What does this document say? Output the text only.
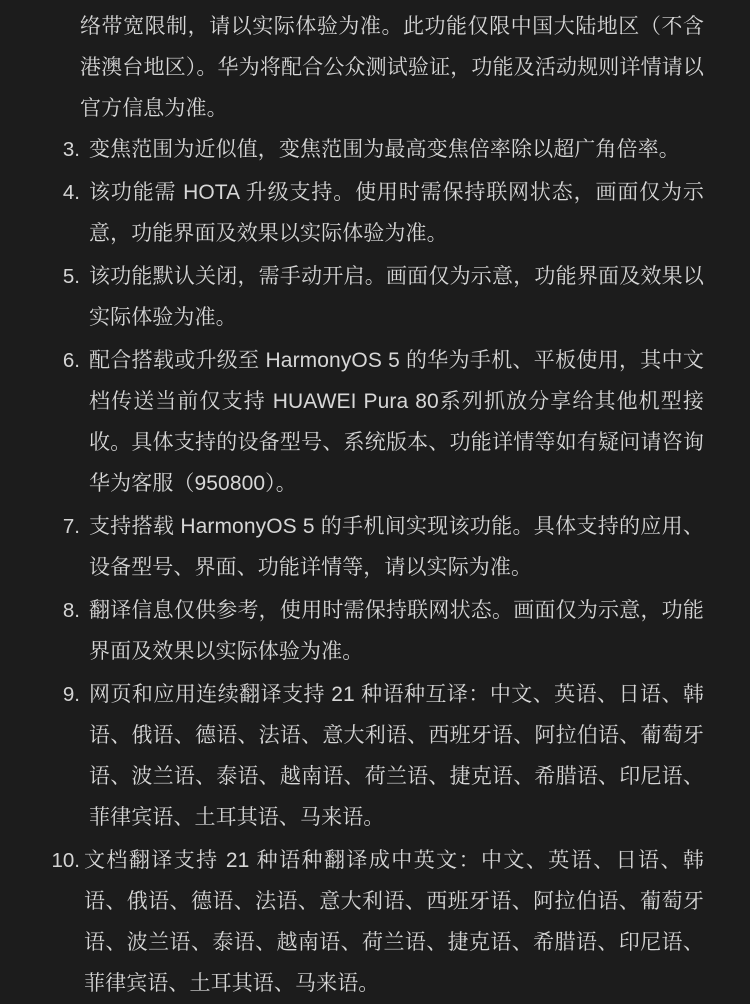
络带宽限制，请以实际体验为准。此功能仅限中国大陆地区（不含港澳台地区）。华为将配合公众测试验证，功能及活动规则详情请以官方信息为准。
3. 变焦范围为近似值，变焦范围为最高变焦倍率除以超广角倍率。
4. 该功能需 HOTA 升级支持。使用时需保持联网状态，画面仅为示意，功能界面及效果以实际体验为准。
5. 该功能默认关闭，需手动开启。画面仅为示意，功能界面及效果以实际体验为准。
6. 配合搭载或升级至 HarmonyOS 5 的华为手机、平板使用，其中文档传送当前仅支持 HUAWEI Pura 80系列抓放分享给其他机型接收。具体支持的设备型号、系统版本、功能详情等如有疑问请咨询华为客服（950800）。
7. 支持搭载 HarmonyOS 5 的手机间实现该功能。具体支持的应用、设备型号、界面、功能详情等，请以实际为准。
8. 翻译信息仅供参考，使用时需保持联网状态。画面仅为示意，功能界面及效果以实际体验为准。
9. 网页和应用连续翻译支持 21 种语种互译：中文、英语、日语、韩语、俄语、德语、法语、意大利语、西班牙语、阿拉伯语、葡萄牙语、波兰语、泰语、越南语、荷兰语、捷克语、希腊语、印尼语、菲律宾语、土耳其语、马来语。
10. 文档翻译支持 21 种语种翻译成中英文：中文、英语、日语、韩语、俄语、德语、法语、意大利语、西班牙语、阿拉伯语、葡萄牙语、波兰语、泰语、越南语、荷兰语、捷克语、希腊语、印尼语、菲律宾语、土耳其语、马来语。
